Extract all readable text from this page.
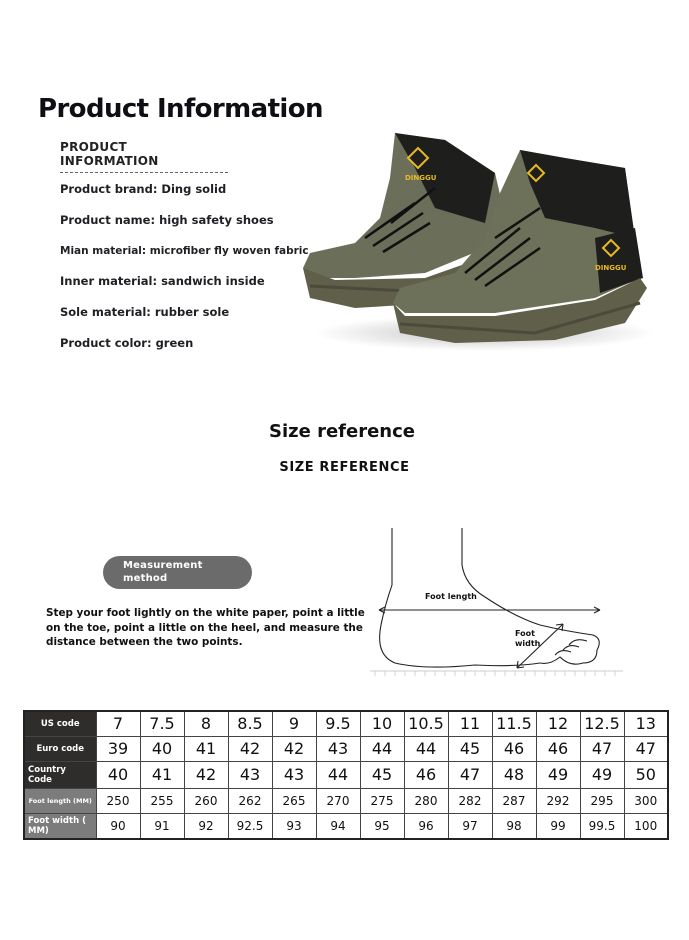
Product Information
PRODUCT INFORMATION
Product brand: Ding solid
Product name: high safety shoes
Mian material: microfiber fly woven fabric
Inner material: sandwich inside
Sole material: rubber sole
Product color: green
DINGGU
DINGGU
Size reference
SIZE REFERENCE
Measurement
method
Step your foot lightly on the white paper, point a little on the toe, point a little on the heel, and measure the distance between the two points.
Foot length
Foot
width
US code	7	7.5	8	8.5	9	9.5	10	10.5	11	11.5	12	12.5	13
Euro code	39	40	41	42	42	43	44	44	45	46	46	47	47
Country Code	40	41	42	43	43	44	45	46	47	48	49	49	50
Foot length (MM)	250	255	260	262	265	270	275	280	282	287	292	295	300
Foot width ( MM)	90	91	92	92.5	93	94	95	96	97	98	99	99.5	100
